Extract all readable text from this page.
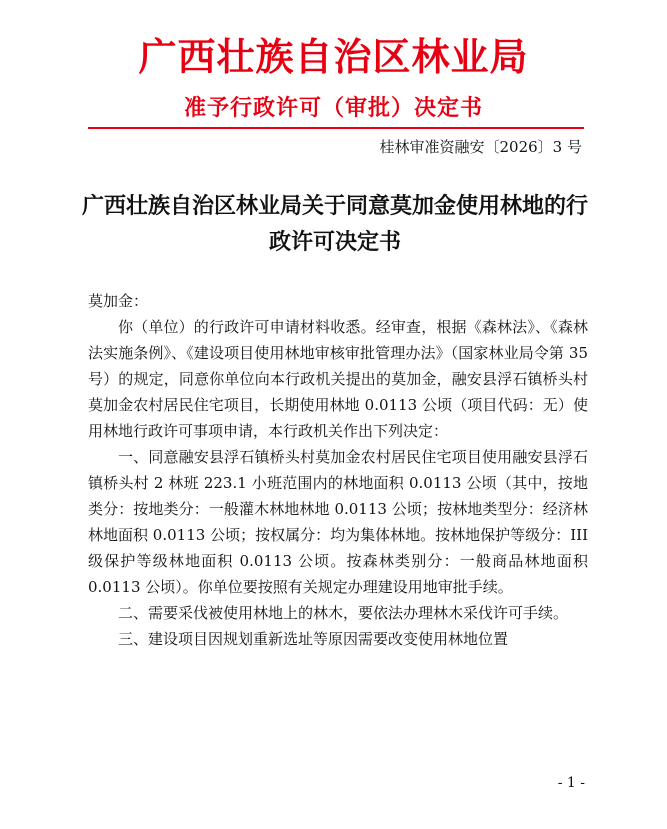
广西壮族自治区林业局
准予行政许可（审批）决定书
桂林审准资融安〔2026〕3 号
广西壮族自治区林业局关于同意莫加金使用林地的行政许可决定书

莫加金：

你（单位）的行政许可申请材料收悉。经审查，根据《森林法》、《森林法实施条例》、《建设项目使用林地审核审批管理办法》（国家林业局令第 35 号）的规定，同意你单位向本行政机关提出的莫加金，融安县浮石镇桥头村莫加金农村居民住宅项目，长期使用林地 0.0113 公顷（项目代码：无）使用林地行政许可事项申请，本行政机关作出下列决定：

一、同意融安县浮石镇桥头村莫加金农村居民住宅项目使用融安县浮石镇桥头村 2 林班 223.1 小班范围内的林地面积 0.0113 公顷（其中，按地类分：按地类分：一般灌木林地林地 0.0113 公顷；按林地类型分：经济林林地面积 0.0113 公顷；按权属分：均为集体林地。按林地保护等级分：III 级保护等级林地面积 0.0113 公顷。按森林类别分：一般商品林地面积 0.0113 公顷）。你单位要按照有关规定办理建设用地审批手续。

二、需要采伐被使用林地上的林木，要依法办理林木采伐许可手续。

三、建设项目因规划重新选址等原因需要改变使用林地位置

- 1 -
